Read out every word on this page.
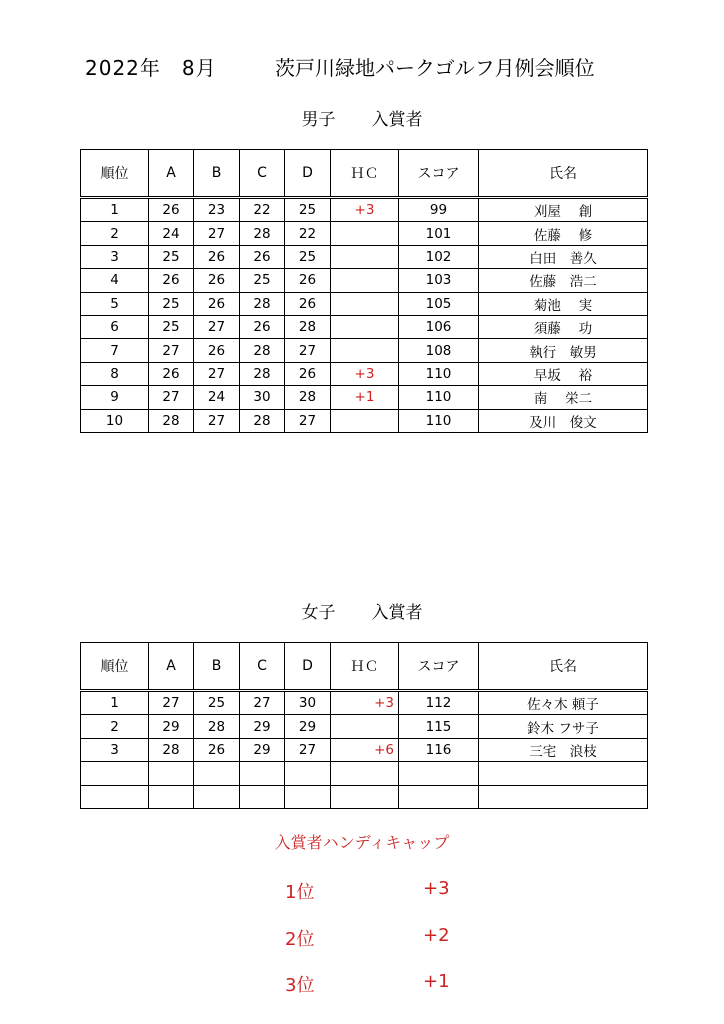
2022年　8月	茨戸川緑地パークゴルフ月例会順位
男子 入賞者
順位	A	B	C	D	ＨＣ	スコア	氏名
1	26	23	22	25	+3	99	刈屋　 創
2	24	27	28	22		101	佐藤　 修
3	25	26	26	25		102	白田　善久
4	26	26	25	26		103	佐藤　浩二
5	25	26	28	26		105	菊池　 実
6	25	27	26	28		106	須藤　 功
7	27	26	28	27		108	執行　敏男
8	26	27	28	26	+3	110	早坂　 裕
9	27	24	30	28	+1	110	南　 栄二
10	28	27	28	27		110	及川　俊文
女子 入賞者
順位	A	B	C	D	ＨＣ	スコア	氏名
1	27	25	27	30	+3	112	佐々木 頼子
2	29	28	29	29		115	鈴木 フサ子
3	28	26	29	27	+6	116	三宅　浪枝

入賞者ハンディキャップ
1位	+3
2位	+2
3位	+1
